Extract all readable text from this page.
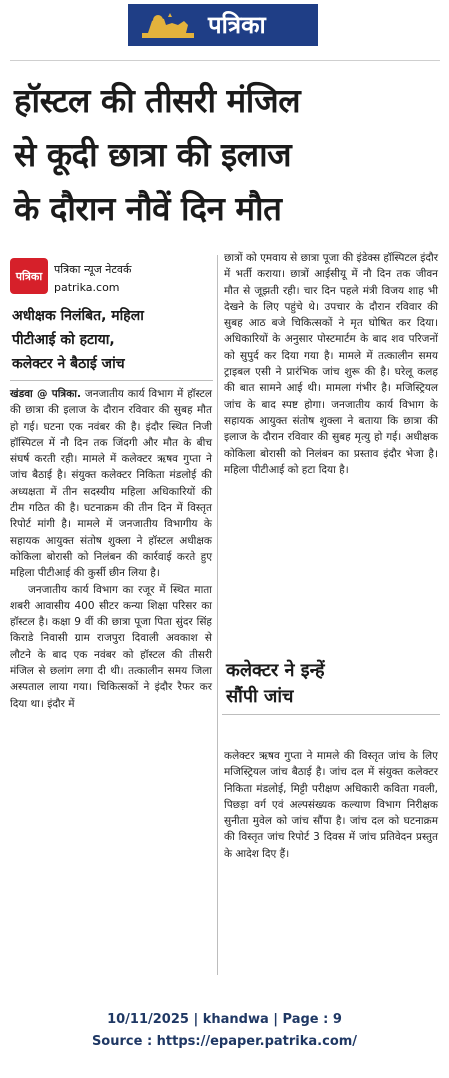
पत्रिका
हॉस्टल की तीसरी मंजिल
से कूदी छात्रा की इलाज
के दौरान नौवें दिन मौत
पत्रिका	पत्रिका न्यूज नेटवर्क
patrika.com
अधीक्षक निलंबित, महिला
पीटीआई को हटाया,
कलेक्टर ने बैठाई जांच

खंडवा @ पत्रिका. जनजातीय कार्य विभाग में हॉस्टल की छात्रा की इलाज के दौरान रविवार की सुबह मौत हो गई। घटना एक नवंबर की है। इंदौर स्थित निजी हॉस्पिटल में नौ दिन तक जिंदगी और मौत के बीच संघर्ष करती रही। मामले में कलेक्टर ऋषव गुप्ता ने जांच बैठाई है। संयुक्त कलेक्टर निकिता मंडलोई की अध्यक्षता में तीन सदस्यीय महिला अधिकारियों की टीम गठित की है। घटनाक्रम की तीन दिन में विस्तृत रिपोर्ट मांगी है। मामले में जनजातीय विभागीय के सहायक आयुक्त संतोष शुक्ला ने हॉस्टल अधीक्षक कोकिला बोरासी को निलंबन की कार्रवाई करते हुए महिला पीटीआई की कुर्सी छीन लिया है।

जनजातीय कार्य विभाग का रजूर में स्थित माता शबरी आवासीय 400 सीटर कन्या शिक्षा परिसर का हॉस्टल है। कक्षा 9 वीं की छात्रा पूजा पिता सुंदर सिंह किराडे निवासी ग्राम राजपुरा दिवाली अवकाश से लौटने के बाद एक नवंबर को हॉस्टल की तीसरी मंजिल से छलांग लगा दी थी। तत्कालीन समय जिला अस्पताल लाया गया। चिकित्सकों ने इंदौर रैफर कर दिया था। इंदौर में

छात्रों को एमवाय से छात्रा पूजा की इंडेक्स हॉस्पिटल इंदौर में भर्ती कराया। छात्रों आईसीयू में नौ दिन तक जीवन मौत से जूझती रही। चार दिन पहले मंत्री विजय शाह भी देखने के लिए पहुंचे थे। उपचार के दौरान रविवार की सुबह आठ बजे चिकित्सकों ने मृत घोषित कर दिया। अधिकारियों के अनुसार पोस्टमार्टम के बाद शव परिजनों को सुपुर्द कर दिया गया है। मामले में तत्कालीन समय ट्राइबल एसी ने प्रारंभिक जांच शुरू की है। घरेलू कलह की बात सामने आई थी। मामला गंभीर है। मजिस्ट्रियल जांच के बाद स्पष्ट होगा। जनजातीय कार्य विभाग के सहायक आयुक्त संतोष शुक्ला ने बताया कि छात्रा की इलाज के दौरान रविवार की सुबह मृत्यु हो गई। अधीक्षक कोकिला बोरासी को निलंबन का प्रस्ताव इंदौर भेजा है। महिला पीटीआई को हटा दिया है।

कलेक्टर ने इन्हें
सौंपी जांच

कलेक्टर ऋषव गुप्ता ने मामले की विस्तृत जांच के लिए मजिस्ट्रियल जांच बैठाई है। जांच दल में संयुक्त कलेक्टर निकिता मंडलोई, मिट्टी परीक्षण अधिकारी कविता गवली, पिछड़ा वर्ग एवं अल्पसंख्यक कल्याण विभाग निरीक्षक सुनीता मुवेल को जांच सौंपा है। जांच दल को घटनाक्रम की विस्तृत जांच रिपोर्ट 3 दिवस में जांच प्रतिवेदन प्रस्तुत के आदेश दिए हैं।

10/11/2025 | khandwa | Page : 9
Source : https://epaper.patrika.com/
